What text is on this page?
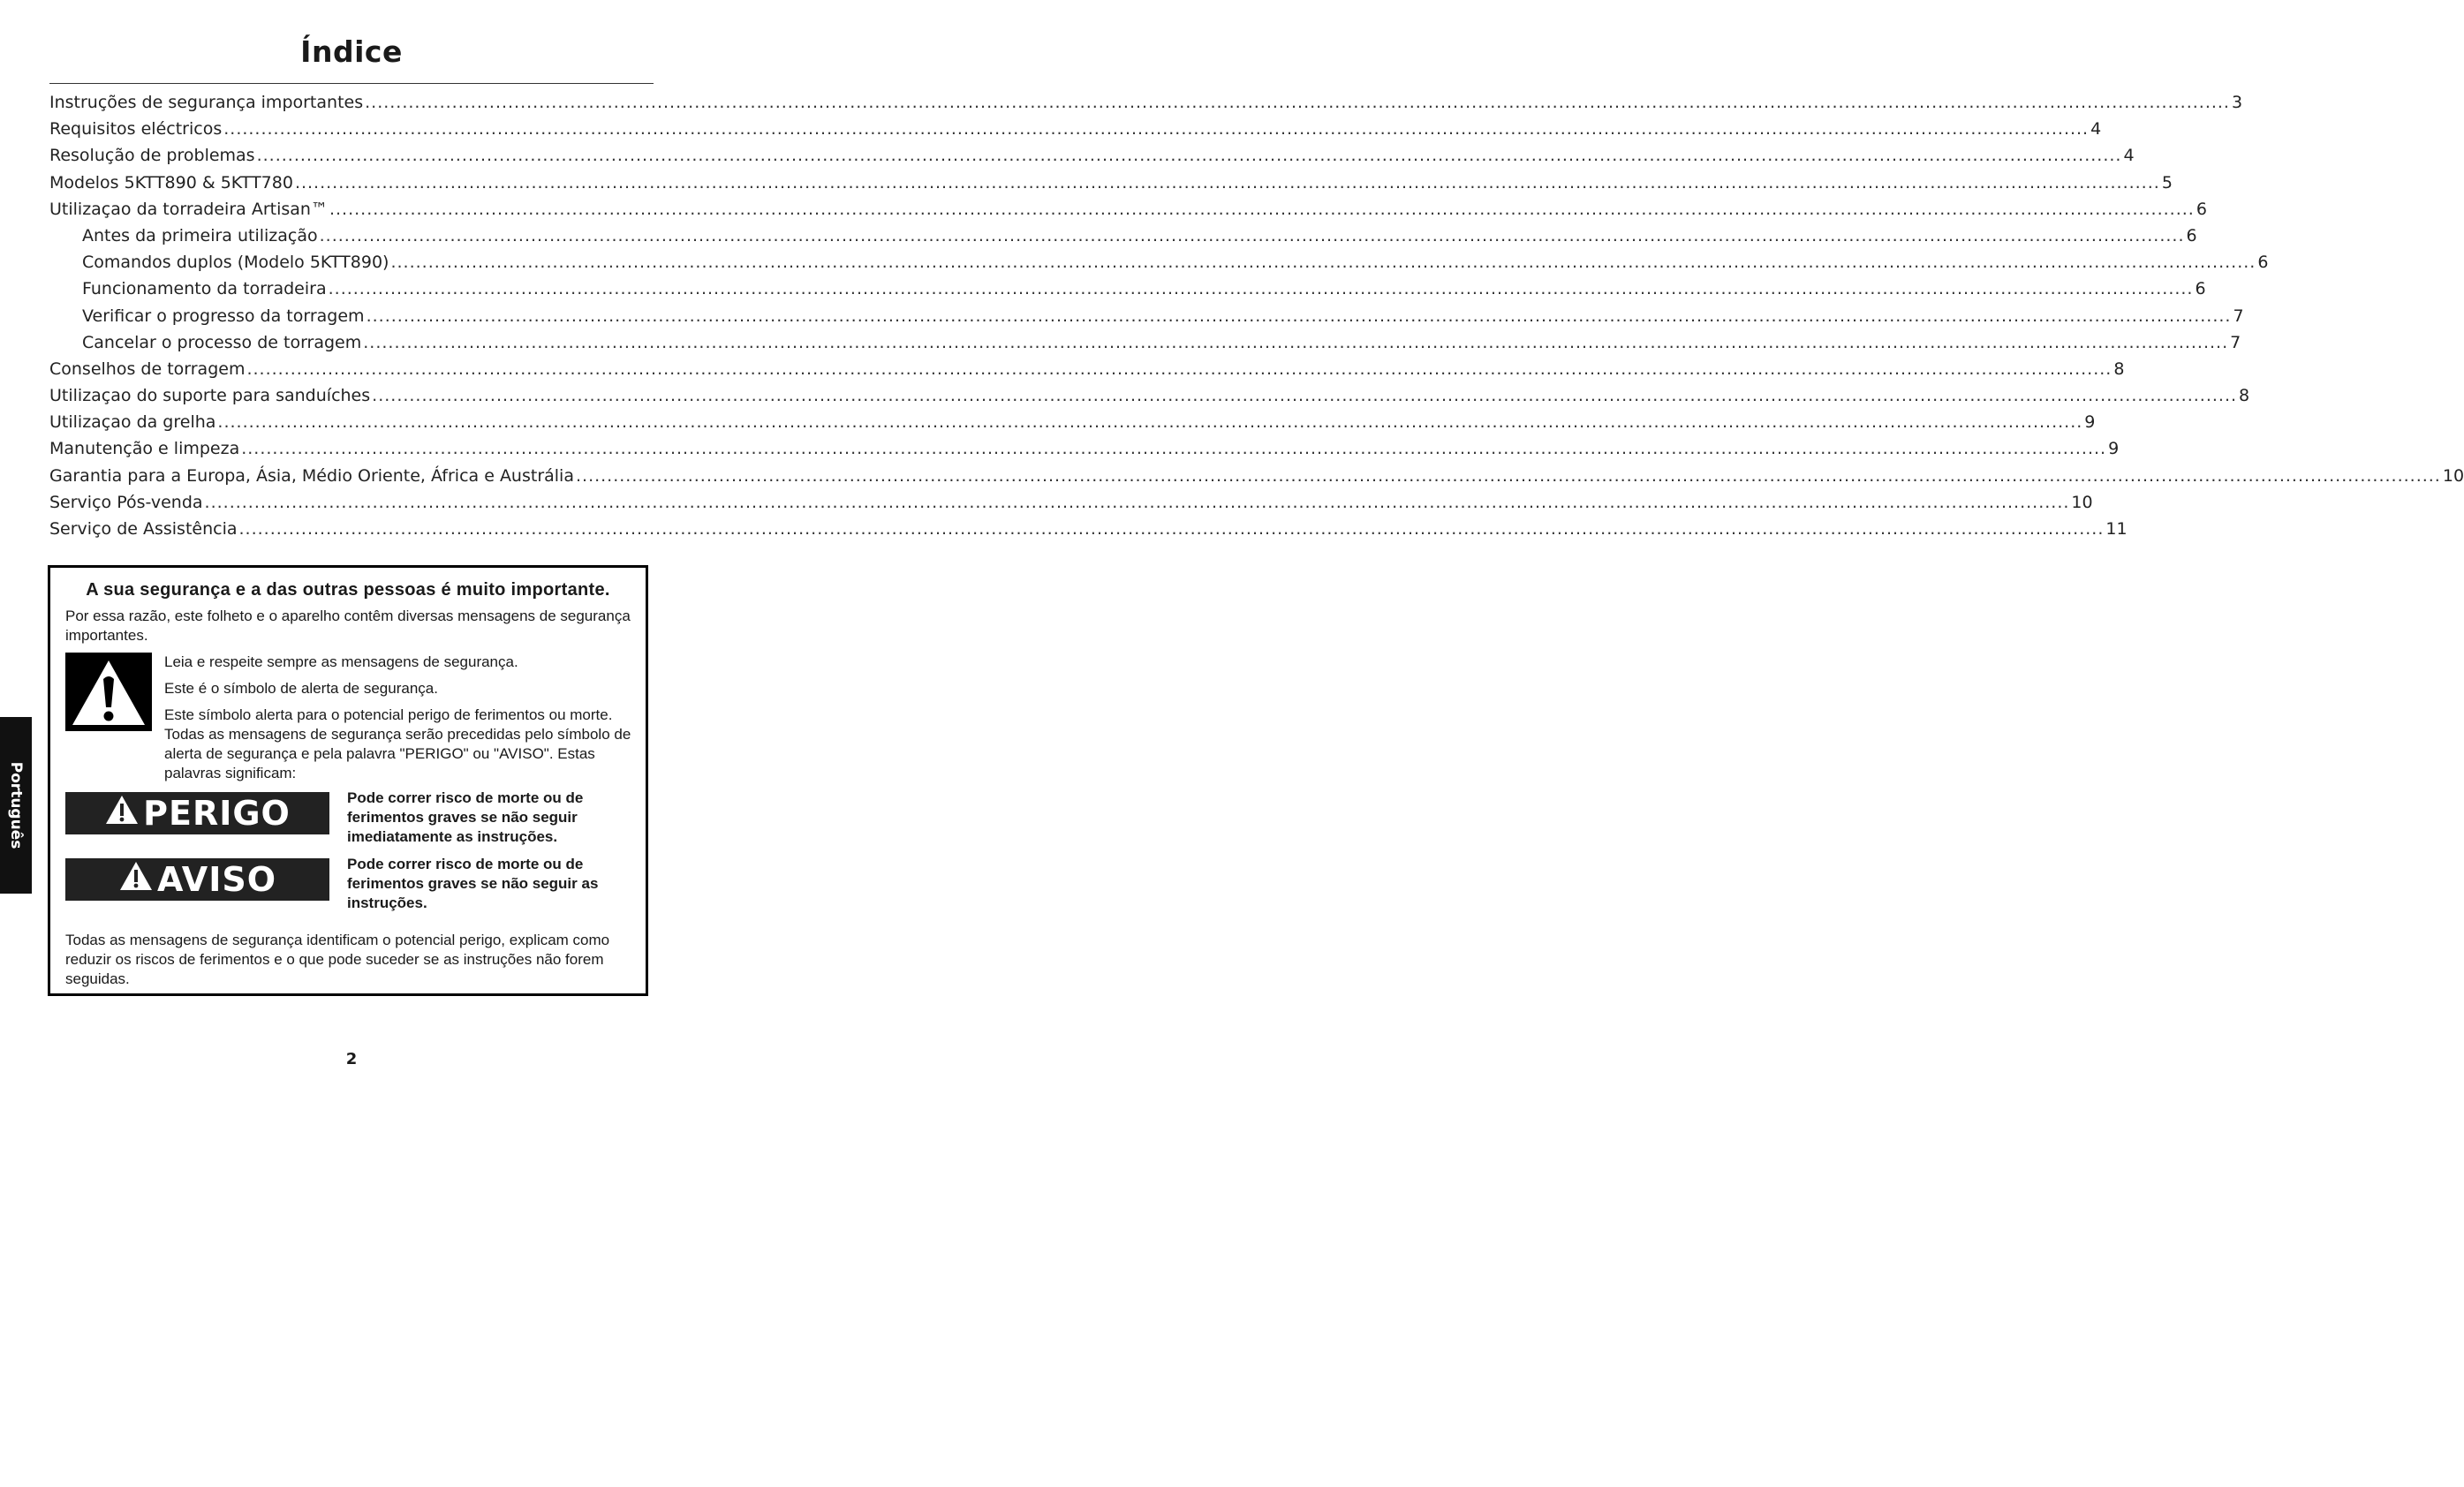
Índice
Instruções de segurança importantes ............................................................................................................................................................................................................................................................................................................ 3
Requisitos eléctricos ............................................................................................................................................................................................................................................................................................................ 4
Resolução de problemas ............................................................................................................................................................................................................................................................................................................ 4
Modelos 5KTT890 & 5KTT780 ............................................................................................................................................................................................................................................................................................................ 5
Utilizaçao da torradeira Artisan™ ............................................................................................................................................................................................................................................................................................................ 6
Antes da primeira utilização ............................................................................................................................................................................................................................................................................................................ 6
Comandos duplos (Modelo 5KTT890) ............................................................................................................................................................................................................................................................................................................ 6
Funcionamento da torradeira ............................................................................................................................................................................................................................................................................................................ 6
Verificar o progresso da torragem ............................................................................................................................................................................................................................................................................................................ 7
Cancelar o processo de torragem ............................................................................................................................................................................................................................................................................................................ 7
Conselhos de torragem ............................................................................................................................................................................................................................................................................................................ 8
Utilizaçao do suporte para sanduíches ............................................................................................................................................................................................................................................................................................................ 8
Utilizaçao da grelha ............................................................................................................................................................................................................................................................................................................ 9
Manutenção e limpeza ............................................................................................................................................................................................................................................................................................................ 9
Garantia para a Europa, Ásia, Médio Oriente, África e Austrália ............................................................................................................................................................................................................................................................................................................ 10
Serviço Pós-venda ............................................................................................................................................................................................................................................................................................................ 10
Serviço de Assistência ............................................................................................................................................................................................................................................................................................................ 11
Português
A sua segurança e a das outras pessoas é muito importante.
Por essa razão, este folheto e o aparelho contêm diversas mensagens de segurança importantes.
Leia e respeite sempre as mensagens de segurança.
Este é o símbolo de alerta de segurança.
Este símbolo alerta para o potencial perigo de ferimentos ou morte. Todas as mensagens de segurança serão precedidas pelo símbolo de alerta de segurança e pela palavra "PERIGO" ou "AVISO". Estas palavras significam:
PERIGO	Pode correr risco de morte ou de ferimentos graves se não seguir imediatamente as instruções.
AVISO	Pode correr risco de morte ou de ferimentos graves se não seguir as instruções.
Todas as mensagens de segurança identificam o potencial perigo, explicam como reduzir os riscos de ferimentos e o que pode suceder se as instruções não forem seguidas.
2
